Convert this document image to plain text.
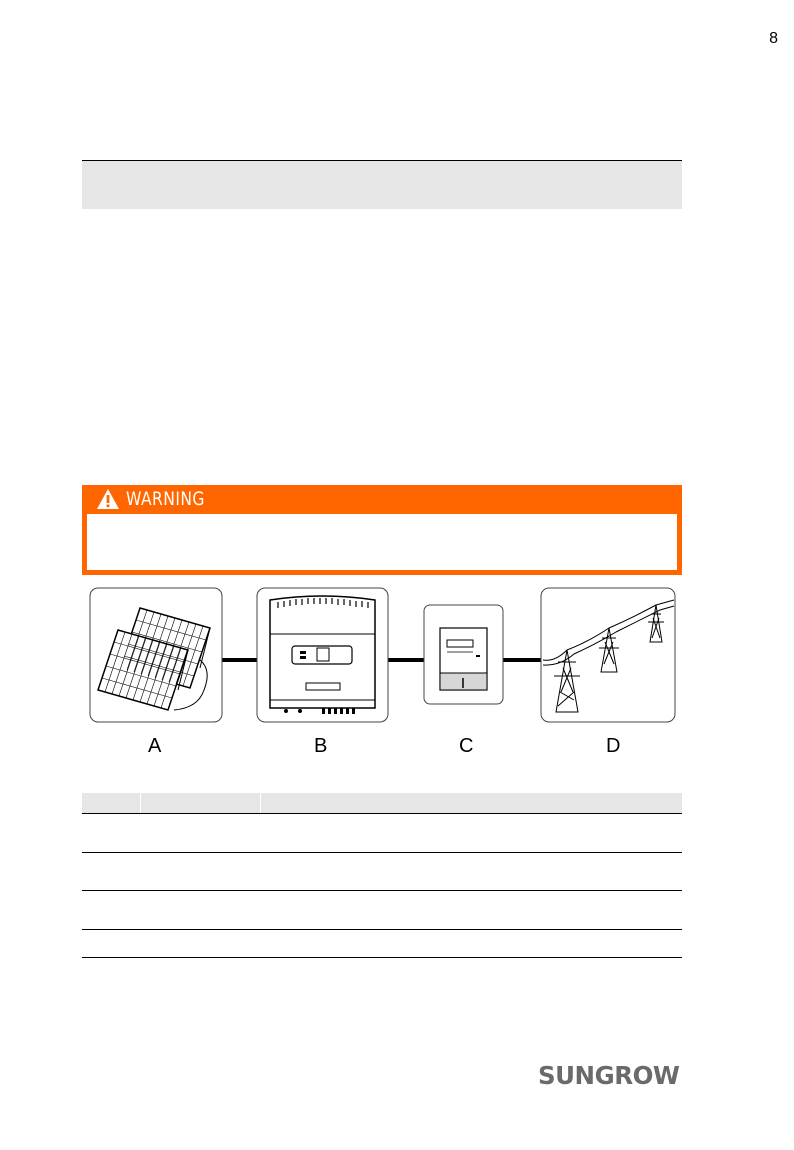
8
WARNING
A	B	C	D
SUNGROW
